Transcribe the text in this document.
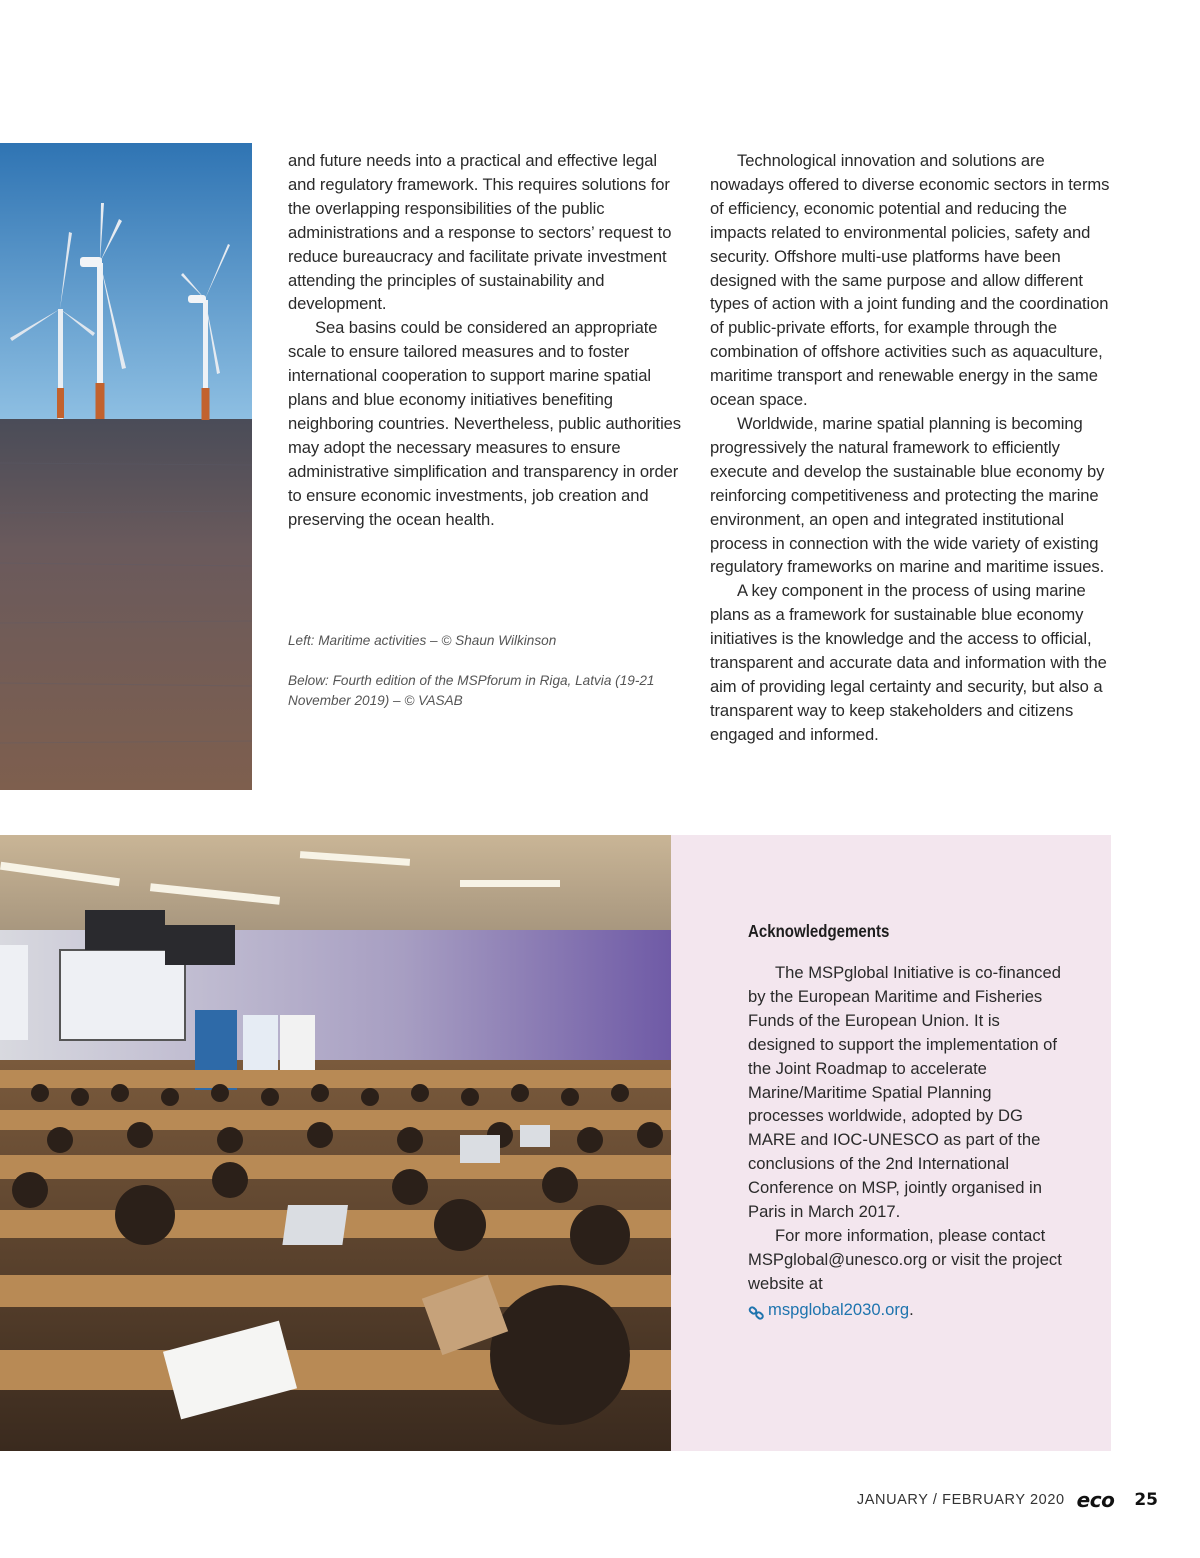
and future needs into a practical and effective legal and regulatory framework. This requires solutions for the overlapping responsibilities of the public administrations and a response to sectors’ request to reduce bureaucracy and facilitate private investment attending the principles of sustainability and development.

Sea basins could be considered an appropriate scale to ensure tailored measures and to foster international cooperation to support marine spatial plans and blue economy initiatives benefiting neighboring countries. Nevertheless, public authorities may adopt the necessary measures to ensure administrative simplification and transparency in order to ensure economic investments, job creation and preserving the ocean health.

Technological innovation and solutions are nowadays offered to diverse economic sectors in terms of efficiency, economic potential and reducing the impacts related to environmental policies, safety and security. Offshore multi-use platforms have been designed with the same purpose and allow different types of action with a joint funding and the coordination of public-private efforts, for example through the combination of offshore activities such as aquaculture, maritime transport and renewable energy in the same ocean space.

Worldwide, marine spatial planning is becoming progressively the natural framework to efficiently execute and develop the sustainable blue economy by reinforcing competitiveness and protecting the marine environment, an open and integrated institutional process in connection with the wide variety of existing regulatory frameworks on marine and maritime issues.

A key component in the process of using marine plans as a framework for sustainable blue economy initiatives is the knowledge and the access to official, transparent and accurate data and information with the aim of providing legal certainty and security, but also a transparent way to keep stakeholders and citizens engaged and informed.

Left: Maritime activities – © Shaun Wilkinson
Below: Fourth edition of the MSPforum in Riga, Latvia (19-21 November 2019) – © VASAB
Acknowledgements

The MSPglobal Initiative is co-financed by the European Maritime and Fisheries Funds of the European Union. It is designed to support the implementation of the Joint Roadmap to accelerate Marine/Maritime Spatial Planning processes worldwide, adopted by DG MARE and IOC-UNESCO as part of the conclusions of the 2nd International Conference on MSP, jointly organised in Paris in March 2017.

For more information, please contact MSPglobal@unesco.org or visit the project website at

mspglobal2030.org .
JANUARY / FEBRUARY 2020 eco 25
